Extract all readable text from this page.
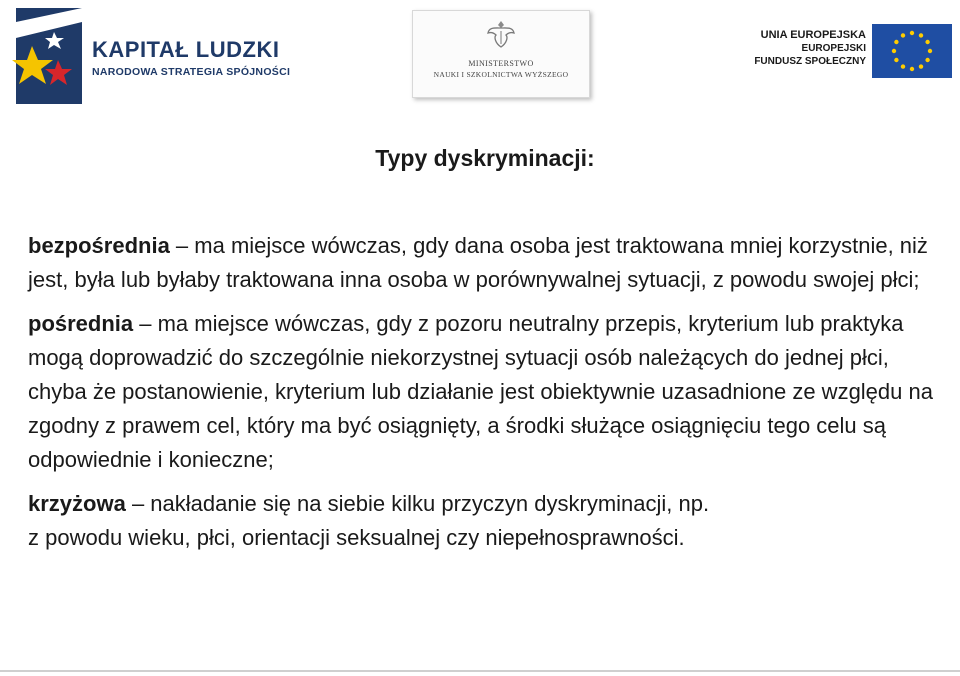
KAPITAŁ LUDZKI
NARODOWA STRATEGIA SPÓJNOŚCI
MINISTERSTWO
NAUKI I SZKOLNICTWA WYŻSZEGO
UNIA EUROPEJSKA
EUROPEJSKI
FUNDUSZ SPOŁECZNY
Typy dyskryminacji:

bezpośrednia – ma miejsce wówczas, gdy dana osoba jest traktowana mniej korzystnie, niż jest, była lub byłaby traktowana inna osoba w porównywalnej sytuacji, z powodu swojej płci;

pośrednia – ma miejsce wówczas, gdy z pozoru neutralny przepis, kryterium lub praktyka mogą doprowadzić do szczególnie niekorzystnej sytuacji osób należących do jednej płci, chyba że postanowienie, kryterium lub działanie jest obiektywnie uzasadnione ze względu na zgodny z prawem cel, który ma być osiągnięty, a środki służące osiągnięciu tego celu są odpowiednie i konieczne;

krzyżowa – nakładanie się na siebie kilku przyczyn dyskryminacji, np.
z powodu wieku, płci, orientacji seksualnej czy niepełnosprawności.
